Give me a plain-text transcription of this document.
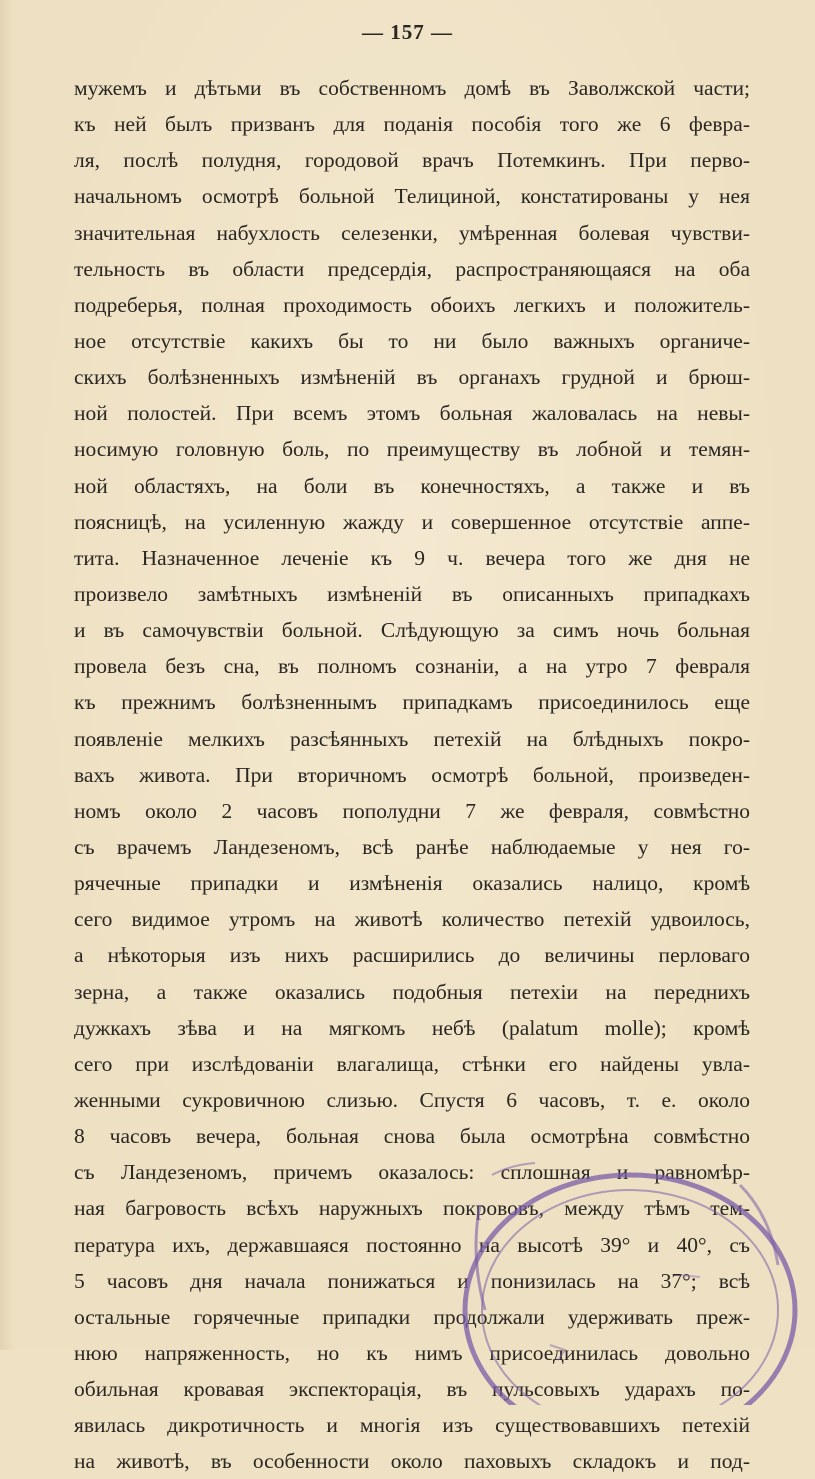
— 157 —
мужемъ и дѣтьми въ собственномъ домѣ въ Заволжской части;
къ ней былъ призванъ для поданія пособія того же 6 февра-
ля, послѣ полудня, городовой врачъ Потемкинъ. При перво-
начальномъ осмотрѣ больной Телициной, констатированы у нея
значительная набухлость селезенки, умѣренная болевая чувстви-
тельность въ области предсердія, распространяющаяся на оба
подреберья, полная проходимость обоихъ легкихъ и положитель-
ное отсутствіе какихъ бы то ни было важныхъ органиче-
скихъ болѣзненныхъ измѣненій въ органахъ грудной и брюш-
ной полостей. При всемъ этомъ больная жаловалась на невы-
носимую головную боль, по преимуществу въ лобной и темян-
ной областяхъ, на боли въ конечностяхъ, а также и въ
поясницѣ, на усиленную жажду и совершенное отсутствіе аппе-
тита. Назначенное леченіе къ 9 ч. вечера того же дня не
произвело замѣтныхъ измѣненій въ описанныхъ припадкахъ
и въ самочувствіи больной. Слѣдующую за симъ ночь больная
провела безъ сна, въ полномъ сознаніи, а на утро 7 февраля
къ прежнимъ болѣзненнымъ припадкамъ присоединилось еще
появленіе мелкихъ разсѣянныхъ петехій на блѣдныхъ покро-
вахъ живота. При вторичномъ осмотрѣ больной, произведен-
номъ около 2 часовъ пополудни 7 же февраля, совмѣстно
съ врачемъ Ландезеномъ, всѣ ранѣе наблюдаемые у нея го-
рячечные припадки и измѣненія оказались налицо, кромѣ
сего видимое утромъ на животѣ количество петехій удвоилось,
а нѣкоторыя изъ нихъ расширились до величины перловаго
зерна, а также оказались подобныя петехіи на переднихъ
дужкахъ зѣва и на мягкомъ небѣ (palatum molle); кромѣ
сего при изслѣдованіи влагалища, стѣнки его найдены увла-
женными сукровичною слизью. Спустя 6 часовъ, т. е. около
8 часовъ вечера, больная снова была осмотрѣна совмѣстно
съ Ландезеномъ, причемъ оказалось: сплошная и равномѣр-
ная багровость всѣхъ наружныхъ покрововъ, между тѣмъ тем-
пература ихъ, державшаяся постоянно на высотѣ 39° и 40°, съ
5 часовъ дня начала понижаться и понизилась на 37°; всѣ
остальные горячечные припадки продолжали удерживать преж-
нюю напряженность, но къ нимъ присоединилась довольно
обильная кровавая экспекторація, въ пульсовыхъ ударахъ по-
явилась дикротичность и многія изъ существовавшихъ петехій
на животѣ, въ особенности около паховыхъ складокъ и под-
